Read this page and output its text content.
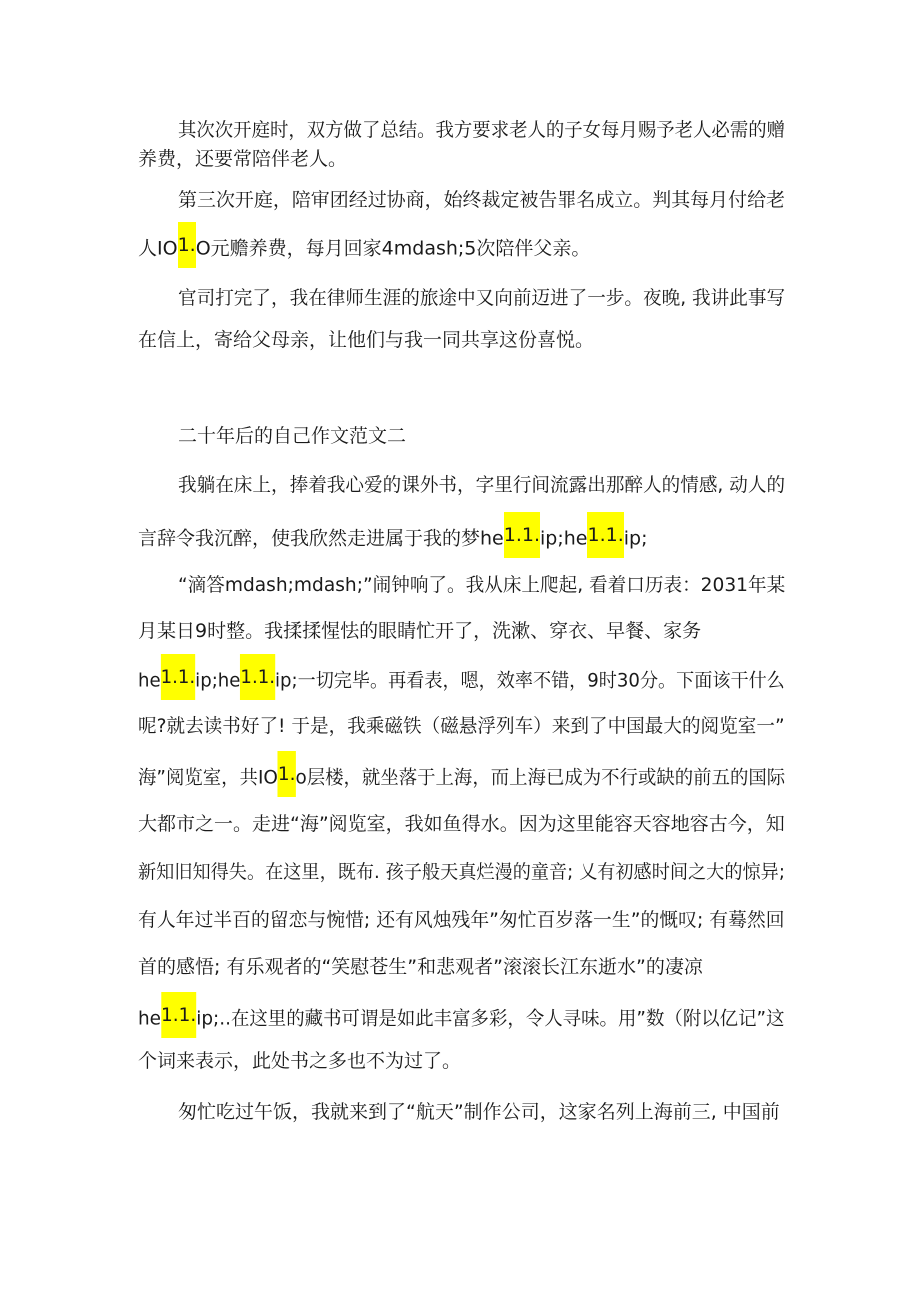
其次次开庭时，双方做了总结。我方要求老人的子女每月赐予老人必需的赠
养费，还要常陪伴老人。
第三次开庭，陪审团经过协商，始终裁定被告罪名成立。判其每月付给老
人IO1.O元赡养费，每月回家4mdash;5次陪伴父亲。
官司打完了，我在律师生涯的旅途中又向前迈进了一步。夜晚, 我讲此事写
在信上，寄给父母亲，让他们与我一同共享这份喜悦。
二十年后的自己作文范文二
我躺在床上，捧着我心爱的课外书，字里行间流露出那醉人的情感, 动人的
言辞令我沉醉，使我欣然走进属于我的梦he1.1.ip;he1.1.ip;
“滴答mdash;mdash;”闹钟响了。我从床上爬起, 看着口历表：2031年某
月某日9时整。我揉揉惺怯的眼睛忙开了，洗漱、穿衣、早餐、家务
he1.1.ip;he1.1.ip;一切完毕。再看表，嗯，效率不错，9时30分。下面该干什么
呢?就去读书好了! 于是，我乘磁铁（磁悬浮列车）来到了中国最大的阅览室一”
海”阅览室，共IO1.o层楼，就坐落于上海，而上海已成为不行或缺的前五的国际
大都市之一。走进“海”阅览室，我如鱼得水。因为这里能容天容地容古今，知
新知旧知得失。在这里，既布. 孩子般天真烂漫的童音; 乂有初感时间之大的惊异;
有人年过半百的留恋与惋惜; 还有风烛残年”匆忙百岁落一生”的慨叹; 有蓦然回
首的感悟; 有乐观者的“笑慰苍生”和悲观者”滚滚长江东逝水”的凄凉
he1.1.ip;..在这里的藏书可谓是如此丰富多彩，令人寻味。用”数（附以亿记”这
个词来表示，此处书之多也不为过了。
匆忙吃过午饭，我就来到了“航天”制作公司，这家名列上海前三, 中国前
